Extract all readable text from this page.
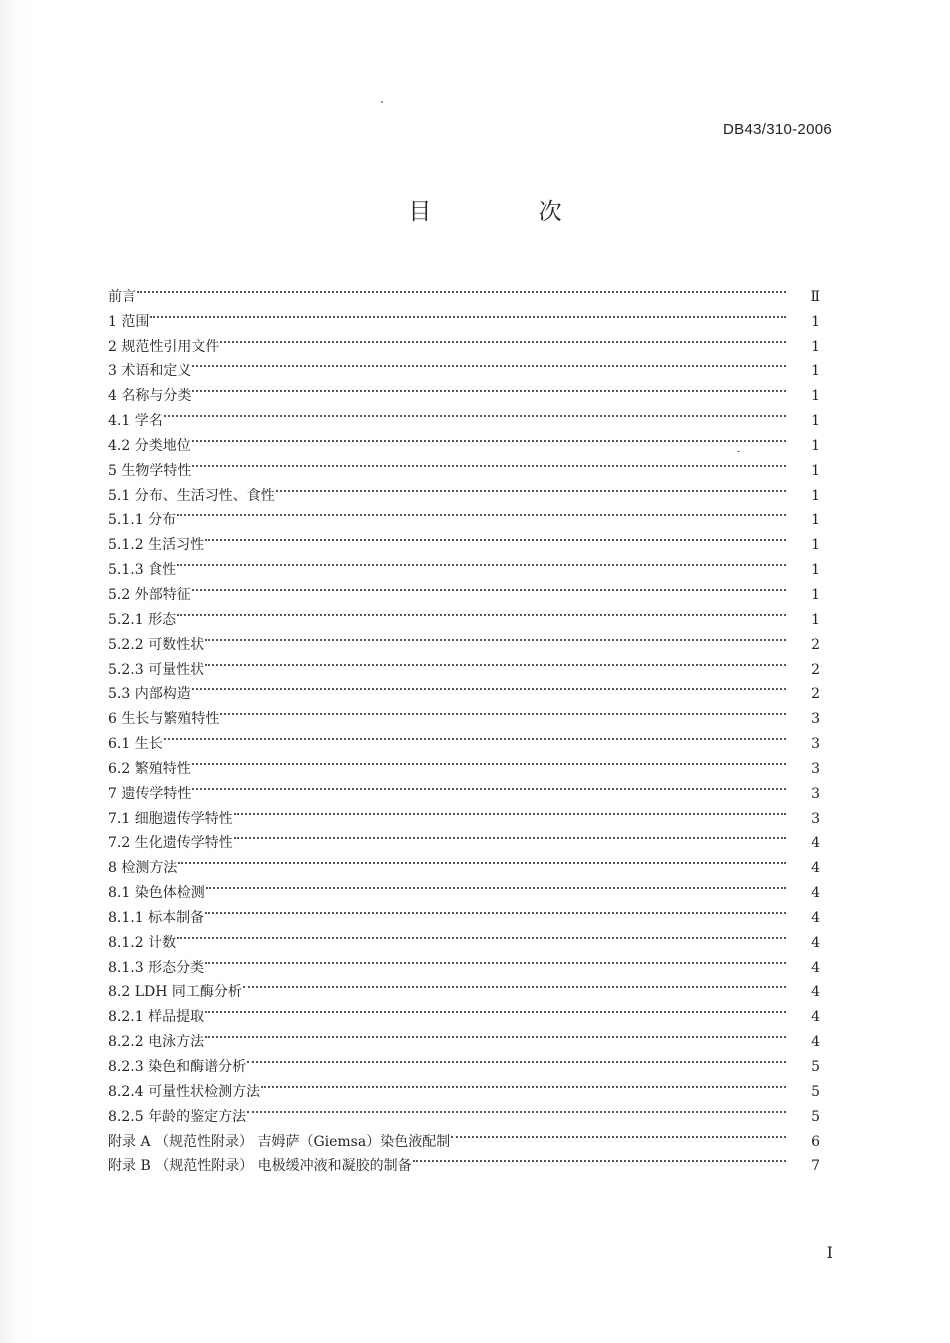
DB43/310-2006
目 次
前言	Ⅱ
1 范围	1
2 规范性引用文件	1
3 术语和定义	1
4 名称与分类	1
4.1 学名	1
4.2 分类地位	1
5 生物学特性	1
5.1 分布、生活习性、食性	1
5.1.1 分布	1
5.1.2 生活习性	1
5.1.3 食性	1
5.2 外部特征	1
5.2.1 形态	1
5.2.2 可数性状	2
5.2.3 可量性状	2
5.3 内部构造	2
6 生长与繁殖特性	3
6.1 生长	3
6.2 繁殖特性	3
7 遗传学特性	3
7.1 细胞遗传学特性	3
7.2 生化遗传学特性	4
8 检测方法	4
8.1 染色体检测	4
8.1.1 标本制备	4
8.1.2 计数	4
8.1.3 形态分类	4
8.2 LDH 同工酶分析	4
8.2.1 样品提取	4
8.2.2 电泳方法	4
8.2.3 染色和酶谱分析	5
8.2.4 可量性状检测方法	5
8.2.5 年龄的鉴定方法	5
附录 A （规范性附录） 吉姆萨（Giemsa）染色液配制	6
附录 B （规范性附录） 电极缓冲液和凝胶的制备	7
I
